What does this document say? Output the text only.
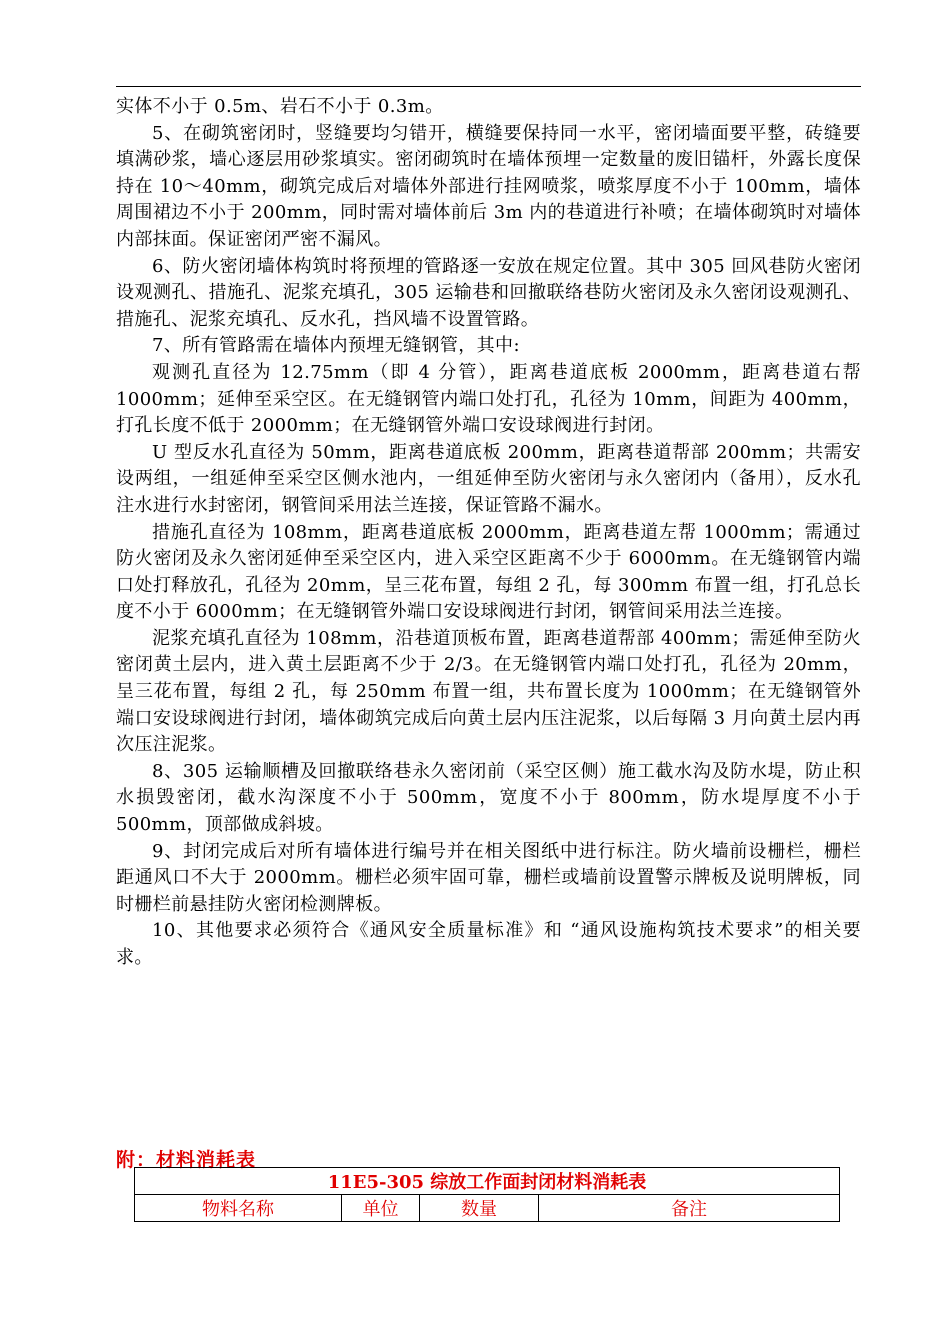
实体不小于 0.5m、岩石不小于 0.3m。

5、在砌筑密闭时，竖缝要均匀错开，横缝要保持同一水平，密闭墙面要平整，砖缝要填满砂浆，墙心逐层用砂浆填实。密闭砌筑时在墙体预埋一定数量的废旧锚杆，外露长度保持在 10～40mm，砌筑完成后对墙体外部进行挂网喷浆，喷浆厚度不小于 100mm，墙体周围裙边不小于 200mm，同时需对墙体前后 3m 内的巷道进行补喷；在墙体砌筑时对墙体内部抹面。保证密闭严密不漏风。

6、防火密闭墙体构筑时将预埋的管路逐一安放在规定位置。其中 305 回风巷防火密闭设观测孔、措施孔、泥浆充填孔，305 运输巷和回撤联络巷防火密闭及永久密闭设观测孔、措施孔、泥浆充填孔、反水孔，挡风墙不设置管路。

7、所有管路需在墙体内预埋无缝钢管，其中:

观测孔直径为 12.75mm（即 4 分管），距离巷道底板 2000mm，距离巷道右帮 1000mm；延伸至采空区。在无缝钢管内端口处打孔，孔径为 10mm，间距为 400mm，打孔长度不低于 2000mm；在无缝钢管外端口安设球阀进行封闭。

U 型反水孔直径为 50mm，距离巷道底板 200mm，距离巷道帮部 200mm；共需安设两组，一组延伸至采空区侧水池内，一组延伸至防火密闭与永久密闭内（备用），反水孔注水进行水封密闭，钢管间采用法兰连接，保证管路不漏水。

措施孔直径为 108mm，距离巷道底板 2000mm，距离巷道左帮 1000mm；需通过防火密闭及永久密闭延伸至采空区内，进入采空区距离不少于 6000mm。在无缝钢管内端口处打释放孔，孔径为 20mm，呈三花布置，每组 2 孔，每 300mm 布置一组，打孔总长度不小于 6000mm；在无缝钢管外端口安设球阀进行封闭，钢管间采用法兰连接。

泥浆充填孔直径为 108mm，沿巷道顶板布置，距离巷道帮部 400mm；需延伸至防火密闭黄土层内，进入黄土层距离不少于 2/3。在无缝钢管内端口处打孔，孔径为 20mm，呈三花布置，每组 2 孔，每 250mm 布置一组，共布置长度为 1000mm；在无缝钢管外端口安设球阀进行封闭，墙体砌筑完成后向黄土层内压注泥浆，以后每隔 3 月向黄土层内再次压注泥浆。

8、305 运输顺槽及回撤联络巷永久密闭前（采空区侧）施工截水沟及防水堤，防止积水损毁密闭，截水沟深度不小于 500mm，宽度不小于 800mm，防水堤厚度不小于 500mm，顶部做成斜坡。

9、封闭完成后对所有墙体进行编号并在相关图纸中进行标注。防火墙前设栅栏，栅栏距通风口不大于 2000mm。栅栏必须牢固可靠，栅栏或墙前设置警示牌板及说明牌板，同时栅栏前悬挂防火密闭检测牌板。

10、其他要求必须符合《通风安全质量标准》和 “通风设施构筑技术要求”的相关要求。

附：材料消耗表
11E5-305 综放工作面封闭材料消耗表
物料名称	单位	数量	备注
